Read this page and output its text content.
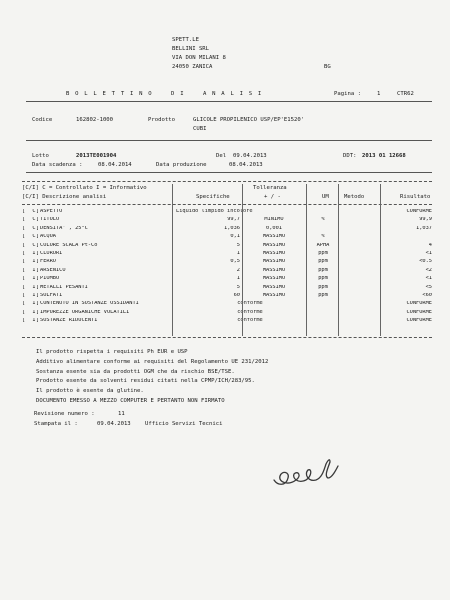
SPETT.LE
BELLINI SRL
VIA DON MILANI 8
24050 ZANICA	BG
B O L L E T T I N O    D I    A N A L I S I	Pagina :	1	CTR62
Codice	162802-1000	Prodotto	GLICOLE PROPILENICO USP/EP'E1520'
CUBI
Lotto	2013TE001904	Del 09.04.2013	DDT: 2013 01 12668
Data scadenza :	08.04.2014	Data produzione	08.04.2013
[C/I] C = Controllato I = Informativo
[C/I] Descrizione analisi	Specifiche
Tolleranza
+ / -	UM	Metodo	Risultato
[	C ] ASPETTO	Liquido limpido incolore	CONFORME
[	C ] TITOLO	99,7	MINIMO	%	99,9
[	C ] DENSITA' , 25°C	1,036	0,001	1,037
[	C ] ACQUA	0,1	MASSIMO	%
[	C ] COLORE SCALA Pt-Co	5	MASSIMO	APHA	4
[	I ] CLORURI	1	MASSIMO	ppm	<1
[	I ] FERRO	0,5	MASSIMO	ppm	<0.5
[	I ] ARSENICO	2	MASSIMO	ppm	<2
[	I ] PIOMBO	1	MASSIMO	ppm	<1
[	I ] METALLI PESANTI	5	MASSIMO	ppm	<5
[	I ] SOLFATI	60	MASSIMO	ppm	<60
[	I ] CONTENUTO IN SOSTANZE OSSIDANTI	conforme	CONFORME
[	I ] IMPUREZZE ORGANICHE VOLATILI	conforme	CONFORME
[	I ] SOSTANZE RIDUCENTI	conforme	CONFORME
Il prodotto rispetta i requisiti Ph EUR e USP
Additivo alimentare conforme ai requisiti del Regolamento UE 231/2012
Sostanza esente sia da prodotti OGM che da rischio BSE/TSE.
Prodotto esente da solventi residui citati nella CPMP/ICH/283/95.
Il prodotto è esente da glutine.
DOCUMENTO EMESSO A MEZZO COMPUTER E PERTANTO NON FIRMATO
Revisione numero :	11
Stampata il :	09.04.2013	Ufficio Servizi Tecnici
